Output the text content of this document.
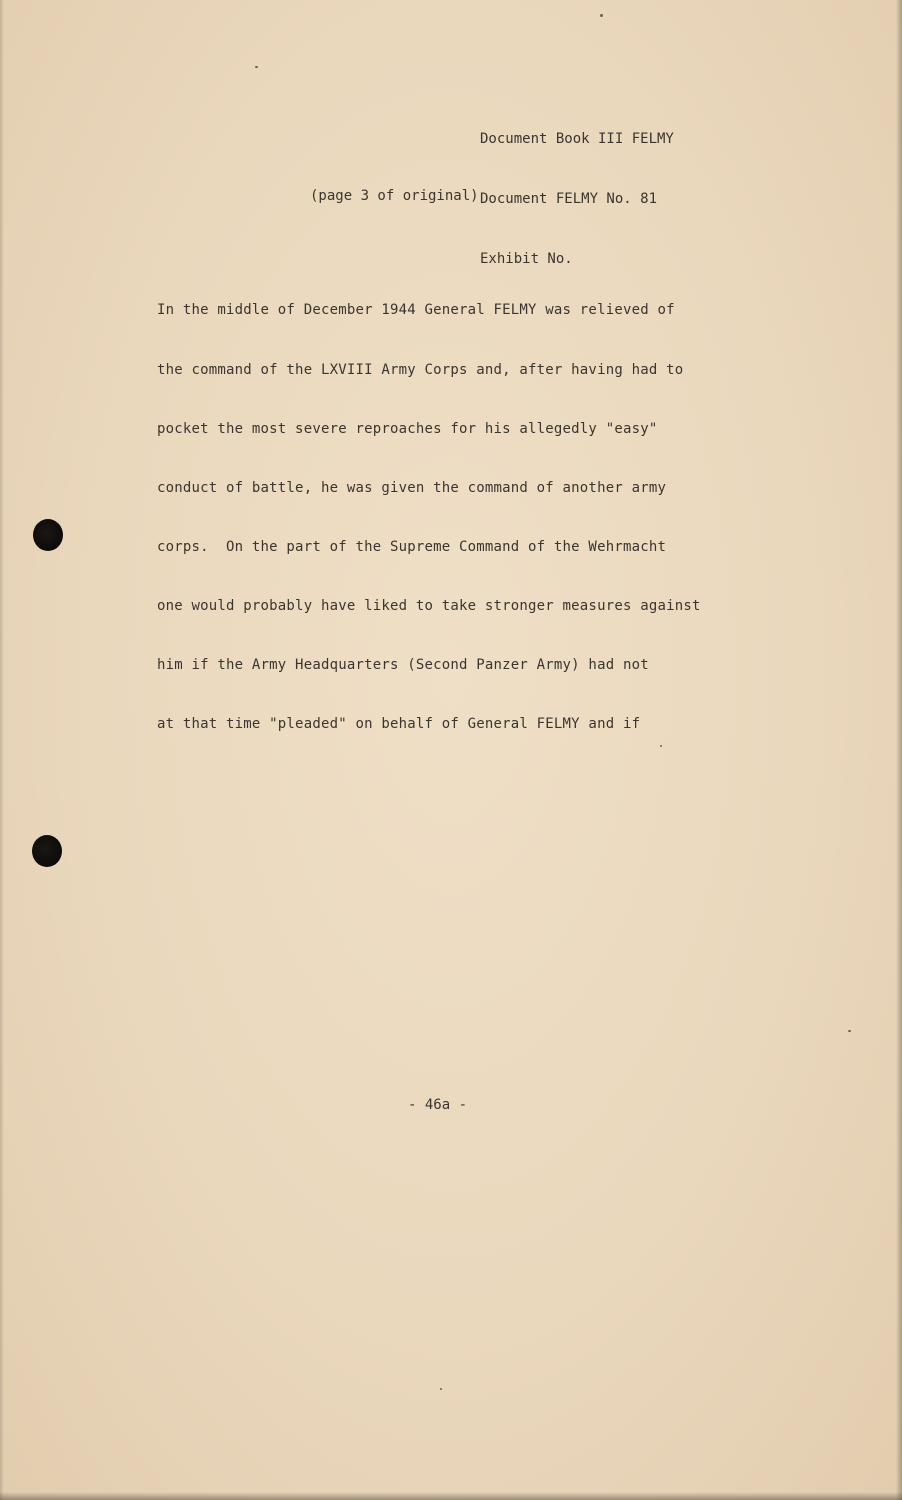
Document Book III FELMY

Document FELMY No. 81

Exhibit No.

(page 3 of original)

In the middle of December 1944 General FELMY was relieved of

the command of the LXVIII Army Corps and, after having had to

pocket the most severe reproaches for his allegedly "easy"

conduct of battle, he was given the command of another army

corps.  On the part of the Supreme Command of the Wehrmacht

one would probably have liked to take stronger measures against

him if the Army Headquarters (Second Panzer Army) had not

at that time "pleaded" on behalf of General FELMY and if

- 46a -
